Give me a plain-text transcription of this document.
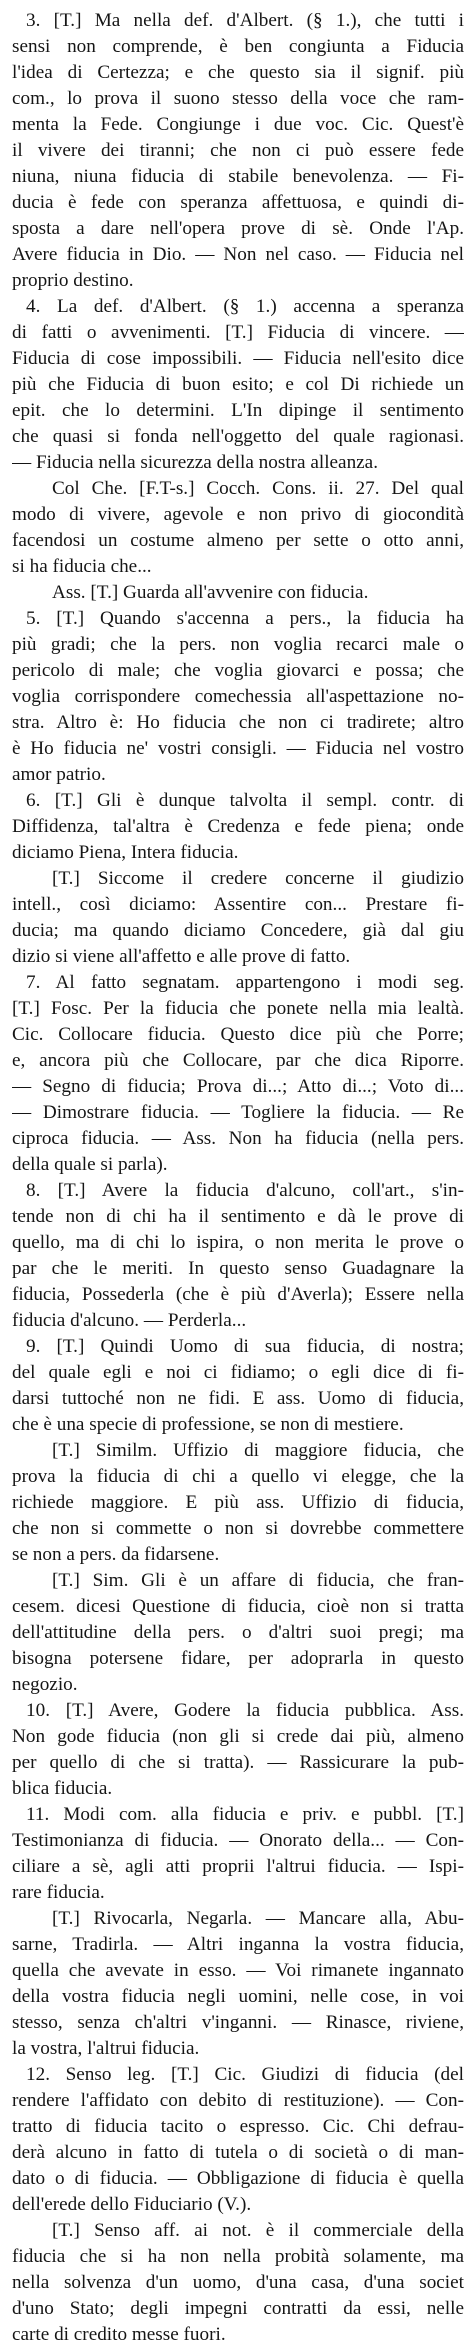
3. [T.] Ma nella def. d'Albert. (§ 1.), che tutti i
sensi non comprende, è ben congiunta a Fiducia
l'idea di Certezza; e che questo sia il signif. più
com., lo prova il suono stesso della voce che ram-
menta la Fede. Congiunge i due voc. Cic. Quest'è
il vivere dei tiranni; che non ci può essere fede
niuna, niuna fiducia di stabile benevolenza. — Fi-
ducia è fede con speranza affettuosa, e quindi di-
sposta a dare nell'opera prove di sè. Onde l'Ap.
Avere fiducia in Dio. — Non nel caso. — Fiducia nel
proprio destino.
4. La def. d'Albert. (§ 1.) accenna a speranza
di fatti o avvenimenti. [T.] Fiducia di vincere. —
Fiducia di cose impossibili. — Fiducia nell'esito dice
più che Fiducia di buon esito; e col Di richiede un
epit. che lo determini. L'In dipinge il sentimento
che quasi si fonda nell'oggetto del quale ragionasi.
— Fiducia nella sicurezza della nostra alleanza.
Col Che. [F.T-s.] Cocch. Cons. ii. 27. Del qual
modo di vivere, agevole e non privo di giocondità
facendosi un costume almeno per sette o otto anni,
si ha fiducia che...
Ass. [T.] Guarda all'avvenire con fiducia.
5. [T.] Quando s'accenna a pers., la fiducia ha
più gradi; che la pers. non voglia recarci male o
pericolo di male; che voglia giovarci e possa; che
voglia corrispondere comechessia all'aspettazione no-
stra. Altro è: Ho fiducia che non ci tradirete; altro
è Ho fiducia ne' vostri consigli. — Fiducia nel vostro
amor patrio.
6. [T.] Gli è dunque talvolta il sempl. contr. di
Diffidenza, tal'altra è Credenza e fede piena; onde
diciamo Piena, Intera fiducia.
[T.] Siccome il credere concerne il giudizio
intell., così diciamo: Assentire con... Prestare fi-
ducia; ma quando diciamo Concedere, già dal giu
dizio si viene all'affetto e alle prove di fatto.
7. Al fatto segnatam. appartengono i modi seg.
[T.] Fosc. Per la fiducia che ponete nella mia lealtà.
Cic. Collocare fiducia. Questo dice più che Porre;
e, ancora più che Collocare, par che dica Riporre.
— Segno di fiducia; Prova di...; Atto di...; Voto di...
— Dimostrare fiducia. — Togliere la fiducia. — Re
ciproca fiducia. — Ass. Non ha fiducia (nella pers.
della quale si parla).
8. [T.] Avere la fiducia d'alcuno, coll'art., s'in-
tende non di chi ha il sentimento e dà le prove di
quello, ma di chi lo ispira, o non merita le prove o
par che le meriti. In questo senso Guadagnare la
fiducia, Possederla (che è più d'Averla); Essere nella
fiducia d'alcuno. — Perderla...
9. [T.] Quindi Uomo di sua fiducia, di nostra;
del quale egli e noi ci fidiamo; o egli dice di fi-
darsi tuttoché non ne fidi. E ass. Uomo di fiducia,
che è una specie di professione, se non di mestiere.
[T.] Similm. Uffizio di maggiore fiducia, che
prova la fiducia di chi a quello vi elegge, che la
richiede maggiore. E più ass. Uffizio di fiducia,
che non si commette o non si dovrebbe commettere
se non a pers. da fidarsene.
[T.] Sim. Gli è un affare di fiducia, che fran-
cesem. dicesi Questione di fiducia, cioè non si tratta
dell'attitudine della pers. o d'altri suoi pregi; ma
bisogna potersene fidare, per adoprarla in questo
negozio.
10. [T.] Avere, Godere la fiducia pubblica. Ass.
Non gode fiducia (non gli si crede dai più, almeno
per quello di che si tratta). — Rassicurare la pub-
blica fiducia.
11. Modi com. alla fiducia e priv. e pubbl. [T.]
Testimonianza di fiducia. — Onorato della... — Con-
ciliare a sè, agli atti proprii l'altrui fiducia. — Ispi-
rare fiducia.
[T.] Rivocarla, Negarla. — Mancare alla, Abu-
sarne, Tradirla. — Altri inganna la vostra fiducia,
quella che avevate in esso. — Voi rimanete ingannato
della vostra fiducia negli uomini, nelle cose, in voi
stesso, senza ch'altri v'inganni. — Rinasce, riviene,
la vostra, l'altrui fiducia.
12. Senso leg. [T.] Cic. Giudizi di fiducia (del
rendere l'affidato con debito di restituzione). — Con-
tratto di fiducia tacito o espresso. Cic. Chi defrau-
derà alcuno in fatto di tutela o di società o di man-
dato o di fiducia. — Obbligazione di fiducia è quella
dell'erede dello Fiduciario (V.).
[T.] Senso aff. ai not. è il commerciale della
fiducia che si ha non nella probità solamente, ma
nella solvenza d'un uomo, d'una casa, d'una societ
d'uno Stato; degli impegni contratti da essi, nelle
carte di credito messe fuori.
